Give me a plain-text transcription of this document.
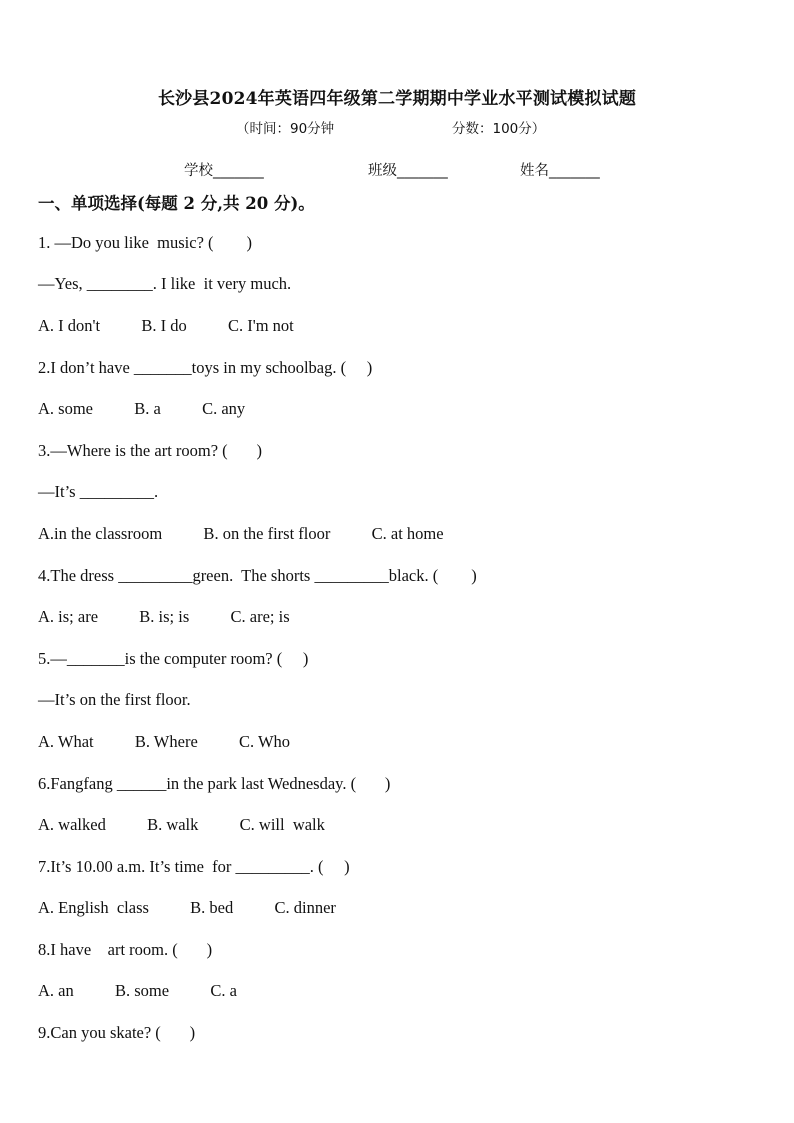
长沙县2024年英语四年级第二学期期中学业水平测试模拟试题
（时间：90分钟	分数：100分）
学校_______	班级_______	姓名_______
一、单项选择(每题 2 分,共 20 分)。
1. —Do you like  music? (        )
—Yes, ________. I like  it very much.
A. I don't          B. I do          C. I'm not
2.I don’t have _______toys in my schoolbag. (     )
A. some          B. a          C. any
3.—Where is the art room? (       )
—It’s _________.
A.in the classroom          B. on the first floor          C. at home
4.The dress _________green.  The shorts _________black. (        )
A. is; are          B. is; is          C. are; is
5.—_______is the computer room? (     )
—It’s on the first floor.
A. What          B. Where          C. Who
6.Fangfang ______in the park last Wednesday. (       )
A. walked          B. walk          C. will  walk
7.It’s 10.00 a.m. It’s time  for _________. (     )
A. English  class          B. bed          C. dinner
8.I have    art room. (       )
A. an          B. some          C. a
9.Can you skate? (       )
